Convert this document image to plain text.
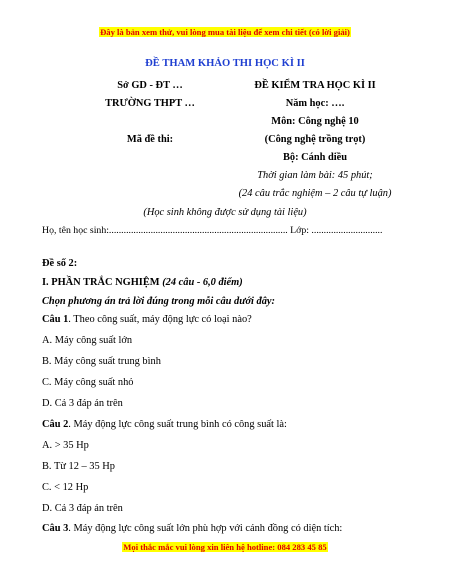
Đây là bản xem thử, vui lòng mua tài liệu để xem chi tiết (có lời giải)
ĐỀ THAM KHẢO THI HỌC KÌ II
Sở GD - ĐT …
TRƯỜNG THPT …
Mã đề thi:
ĐỀ KIỂM TRA HỌC KÌ II
Năm học: ….
Môn: Công nghệ 10
(Công nghệ trồng trọt)
Bộ: Cánh diều
Thời gian làm bài: 45 phút;
(24 câu trắc nghiệm – 2 câu tự luận)
(Học sinh không được sử dụng tài liệu)
Họ, tên học sinh:......................................................................... Lớp: .............................
Đề số 2:
I. PHẦN TRẮC NGHIỆM (24 câu - 6,0 điểm)
Chọn phương án trả lời đúng trong mỗi câu dưới đây:
Câu 1. Theo công suất, máy động lực có loại nào?
A. Máy công suất lớn
B. Máy công suất trung bình
C. Máy công suất nhỏ
D. Cả 3 đáp án trên
Câu 2. Máy động lực công suất trung bình có công suất là:
A. > 35 Hp
B. Từ 12 – 35 Hp
C. < 12 Hp
D. Cả 3 đáp án trên
Câu 3. Máy động lực công suất lớn phù hợp với cánh đồng có diện tích:
Mọi thắc mắc vui lòng xin liên hệ hotline: 084 283 45 85
